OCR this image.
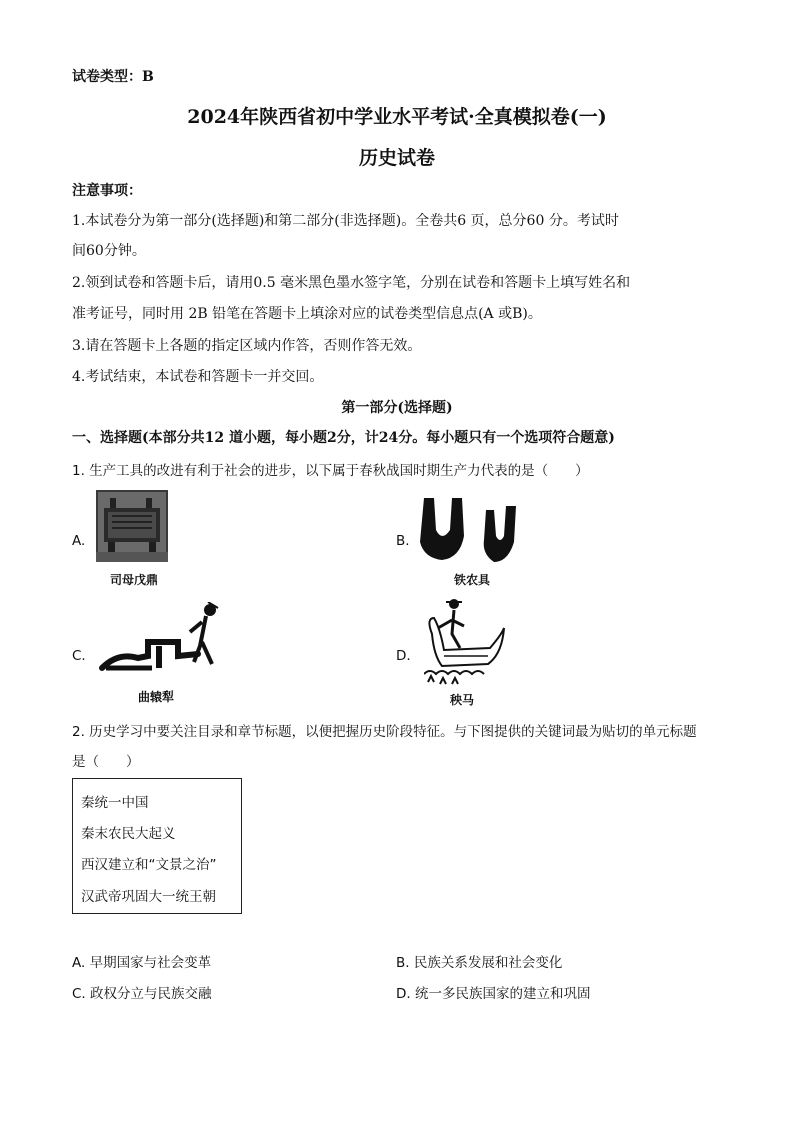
试卷类型：B
2024年陕西省初中学业水平考试·全真模拟卷(一)
历史试卷
注意事项：
1.本试卷分为第一部分(选择题)和第二部分(非选择题)。全卷共6 页，总分60 分。考试时
间60分钟。
2.领到试卷和答题卡后，请用0.5 毫米黑色墨水签字笔，分别在试卷和答题卡上填写姓名和
准考证号，同时用 2B 铅笔在答题卡上填涂对应的试卷类型信息点(A 或B)。
3.请在答题卡上各题的指定区域内作答，否则作答无效。
4.考试结束，本试卷和答题卡一并交回。
第一部分(选择题)
一、选择题(本部分共12 道小题，每小题2分，计24分。每小题只有一个选项符合题意)
1. 生产工具的改进有利于社会的进步，以下属于春秋战国时期生产力代表的是（　　）
A.
司母戊鼎
B.
铁农具
C.
曲辕犁
D.
秧马
2. 历史学习中要关注目录和章节标题，以便把握历史阶段特征。与下图提供的关键词最为贴切的单元标题
是（　　）
秦统一中国
秦末农民大起义
西汉建立和“文景之治”
汉武帝巩固大一统王朝
A. 早期国家与社会变革	B. 民族关系发展和社会变化
C. 政权分立与民族交融	D. 统一多民族国家的建立和巩固
